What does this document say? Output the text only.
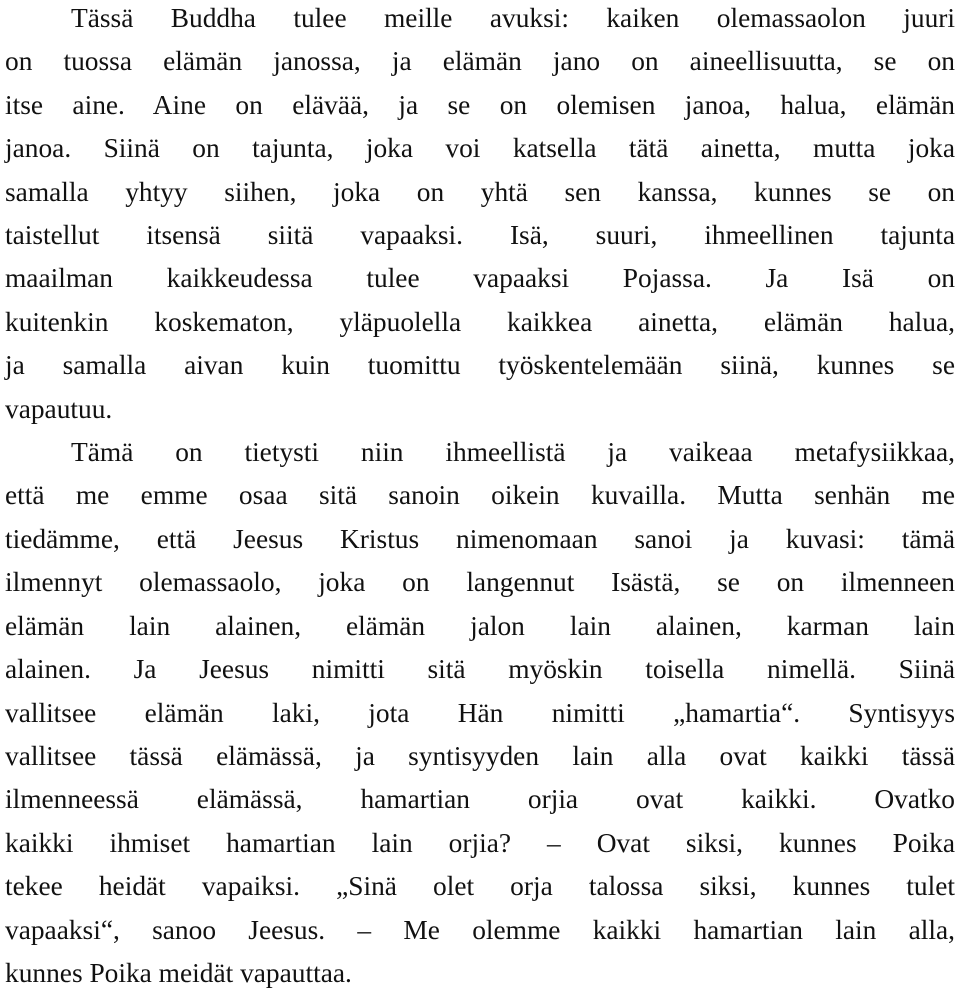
Tässä Buddha tulee meille avuksi: kaiken olemassaolon juuri
on tuossa elämän janossa, ja elämän jano on aineellisuutta, se on
itse aine. Aine on elävää, ja se on olemisen janoa, halua, elämän
janoa. Siinä on tajunta, joka voi katsella tätä ainetta, mutta joka
samalla yhtyy siihen, joka on yhtä sen kanssa, kunnes se on
taistellut itsensä siitä vapaaksi. Isä, suuri, ihmeellinen tajunta
maailman kaikkeudessa tulee vapaaksi Pojassa. Ja Isä on
kuitenkin koskematon, yläpuolella kaikkea ainetta, elämän halua,
ja samalla aivan kuin tuomittu työskentelemään siinä, kunnes se
vapautuu.

Tämä on tietysti niin ihmeellistä ja vaikeaa metafysiikkaa,
että me emme osaa sitä sanoin oikein kuvailla. Mutta senhän me
tiedämme, että Jeesus Kristus nimenomaan sanoi ja kuvasi: tämä
ilmennyt olemassaolo, joka on langennut Isästä, se on ilmenneen
elämän lain alainen, elämän jalon lain alainen, karman lain
alainen. Ja Jeesus nimitti sitä myöskin toisella nimellä. Siinä
vallitsee elämän laki, jota Hän nimitti „hamartia“. Syntisyys
vallitsee tässä elämässä, ja syntisyyden lain alla ovat kaikki tässä
ilmenneessä elämässä, hamartian orjia ovat kaikki. Ovatko
kaikki ihmiset hamartian lain orjia? ‒ Ovat siksi, kunnes Poika
tekee heidät vapaiksi. „Sinä olet orja talossa siksi, kunnes tulet
vapaaksi“, sanoo Jeesus. ‒ Me olemme kaikki hamartian lain alla,
kunnes Poika meidät vapauttaa.
